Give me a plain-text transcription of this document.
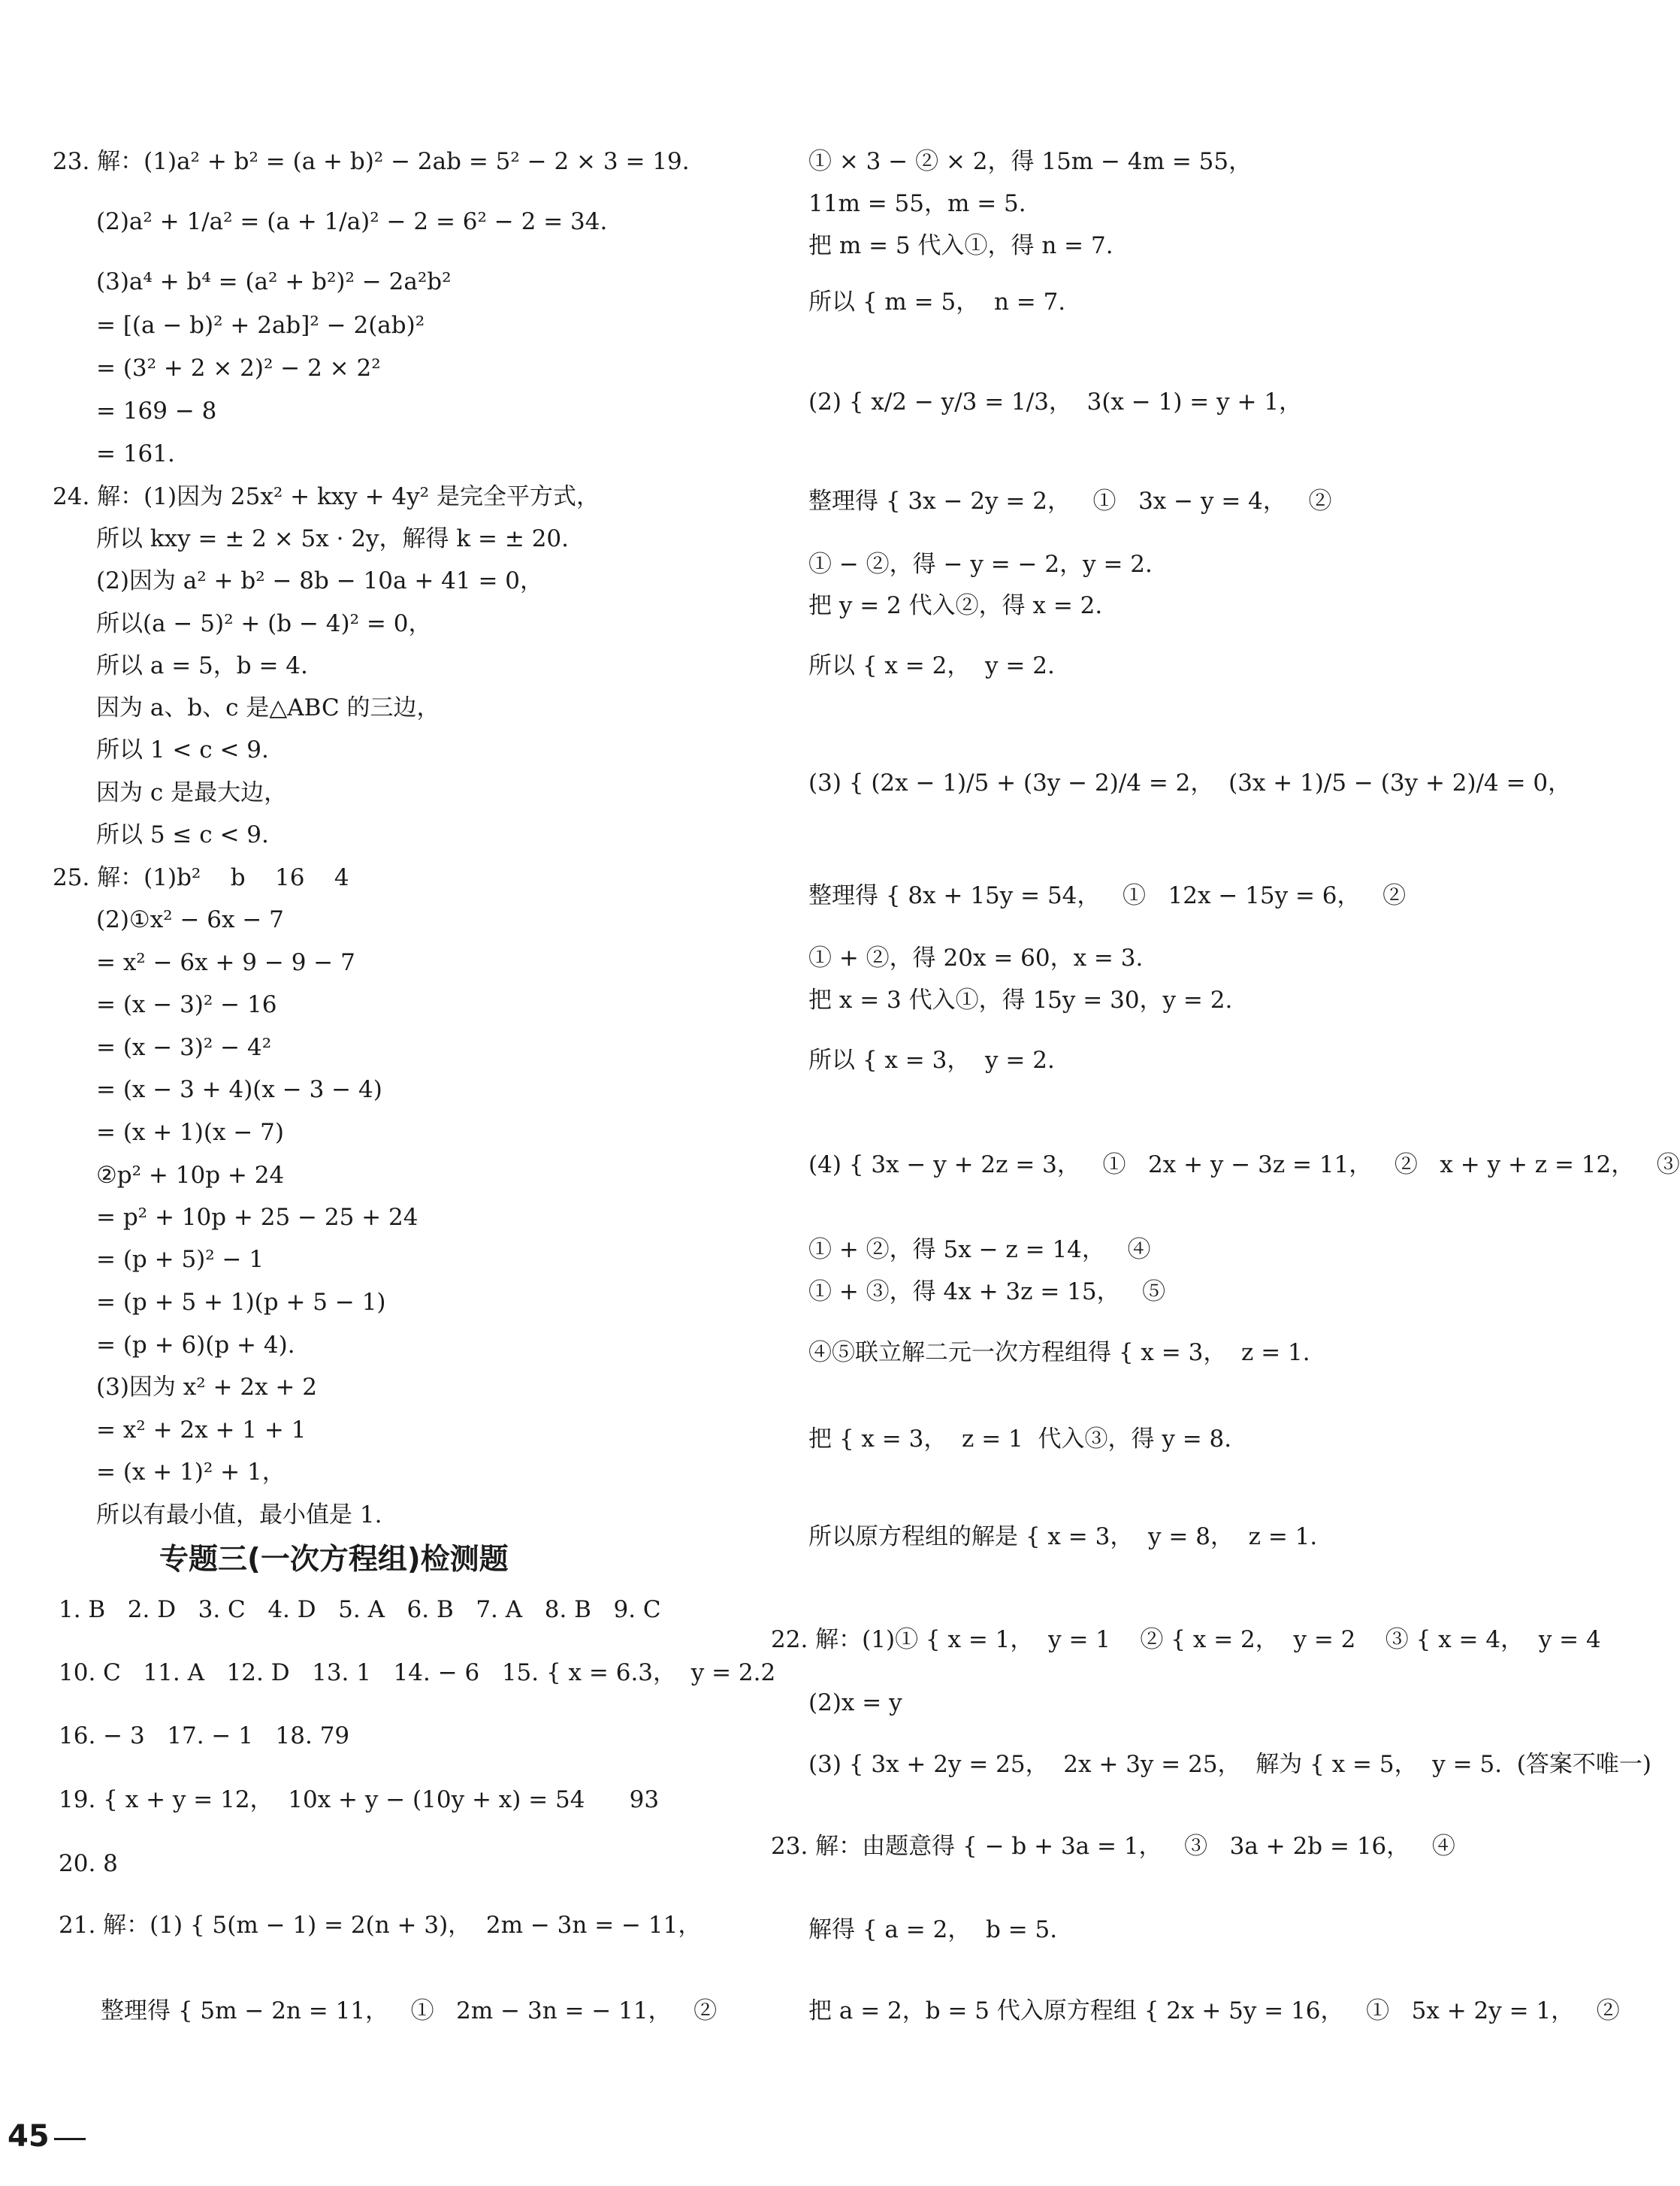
23. 解：(1)a² + b² = (a + b)² − 2ab = 5² − 2 × 3 = 19.
(2)a² + 1/a² = (a + 1/a)² − 2 = 6² − 2 = 34.
(3)a⁴ + b⁴ = (a² + b²)² − 2a²b²
= [(a − b)² + 2ab]² − 2(ab)²
= (3² + 2 × 2)² − 2 × 2²
= 169 − 8
= 161.
24. 解：(1)因为 25x² + kxy + 4y² 是完全平方式，
所以 kxy = ± 2 × 5x · 2y，解得 k = ± 20.
(2)因为 a² + b² − 8b − 10a + 41 = 0，
所以(a − 5)² + (b − 4)² = 0，
所以 a = 5，b = 4.
因为 a、b、c 是△ABC 的三边，
所以 1 < c < 9.
因为 c 是最大边，
所以 5 ≤ c < 9.
25. 解：(1)b²    b    16    4
(2)①x² − 6x − 7
= x² − 6x + 9 − 9 − 7
= (x − 3)² − 16
= (x − 3)² − 4²
= (x − 3 + 4)(x − 3 − 4)
= (x + 1)(x − 7)
②p² + 10p + 24
= p² + 10p + 25 − 25 + 24
= (p + 5)² − 1
= (p + 5 + 1)(p + 5 − 1)
= (p + 6)(p + 4).
(3)因为 x² + 2x + 2
= x² + 2x + 1 + 1
= (x + 1)² + 1，
所以有最小值，最小值是 1.
专题三(一次方程组)检测题
1. B   2. D   3. C   4. D   5. A   6. B   7. A   8. B   9. C
10. C   11. A   12. D   13. 1   14. − 6   15. { x = 6.3，  y = 2.2
16. − 3   17. − 1   18. 79
19. { x + y = 12，  10x + y − (10y + x) = 54      93
20. 8
21. 解：(1) { 5(m − 1) = 2(n + 3)，  2m − 3n = − 11，
整理得 { 5m − 2n = 11，   ①   2m − 3n = − 11，   ②
① × 3 − ② × 2，得 15m − 4m = 55，
11m = 55，m = 5.
把 m = 5 代入①，得 n = 7.
所以 { m = 5，  n = 7.
(2) { x/2 − y/3 = 1/3，  3(x − 1) = y + 1，
整理得 { 3x − 2y = 2，   ①   3x − y = 4，   ②
① − ②，得 − y = − 2，y = 2.
把 y = 2 代入②，得 x = 2.
所以 { x = 2，  y = 2.
(3) { (2x − 1)/5 + (3y − 2)/4 = 2，  (3x + 1)/5 − (3y + 2)/4 = 0，
整理得 { 8x + 15y = 54，   ①   12x − 15y = 6，   ②
① + ②，得 20x = 60，x = 3.
把 x = 3 代入①，得 15y = 30，y = 2.
所以 { x = 3，  y = 2.
(4) { 3x − y + 2z = 3，   ①   2x + y − 3z = 11，   ②   x + y + z = 12，   ③
① + ②，得 5x − z = 14，   ④
① + ③，得 4x + 3z = 15，   ⑤
④⑤联立解二元一次方程组得 { x = 3，  z = 1.
把 { x = 3，  z = 1  代入③，得 y = 8.
所以原方程组的解是 { x = 3，  y = 8，  z = 1.
22. 解：(1)① { x = 1，  y = 1    ② { x = 2，  y = 2    ③ { x = 4，  y = 4
(2)x = y
(3) { 3x + 2y = 25，  2x + 3y = 25，  解为 { x = 5，  y = 5.  (答案不唯一)
23. 解：由题意得 { − b + 3a = 1，   ③   3a + 2b = 16，   ④
解得 { a = 2，  b = 5.
把 a = 2，b = 5 代入原方程组 { 2x + 5y = 16，   ①   5x + 2y = 1，   ②
45
